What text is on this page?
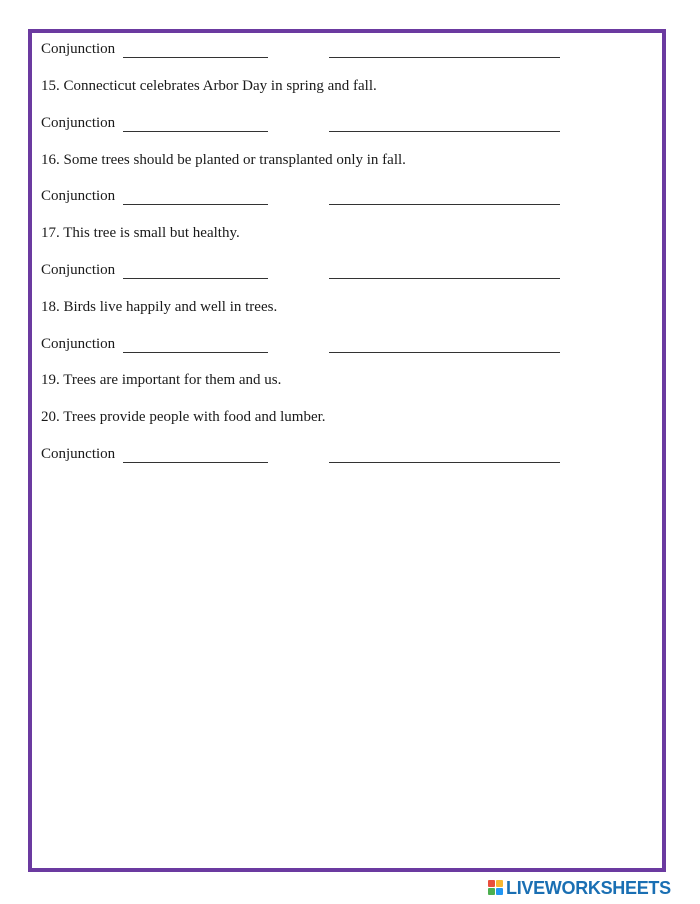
Conjunction
15. Connecticut celebrates Arbor Day in spring and fall.
Conjunction
16. Some trees should be planted or transplanted only in fall.
Conjunction
17. This tree is small but healthy.
Conjunction
18. Birds live happily and well in trees.
Conjunction
19. Trees are important for them and us.
20. Trees provide people with food and lumber.
Conjunction
LIVEWORKSHEETS
